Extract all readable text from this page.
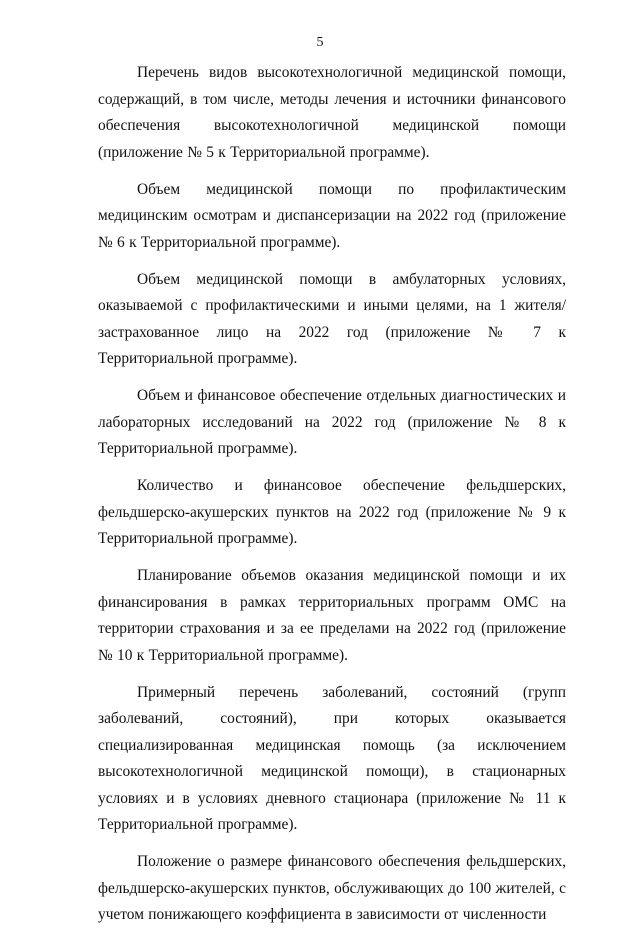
5

Перечень видов высокотехнологичной медицинской помощи, содержащий, в том числе, методы лечения и источники финансового обеспечения высокотехнологичной медицинской помощи (приложение № 5 к Территориальной программе).

Объем медицинской помощи по профилактическим медицинским осмотрам и диспансеризации на 2022 год (приложение № 6 к Территориальной программе).

Объем медицинской помощи в амбулаторных условиях, оказываемой с профилактическими и иными целями, на 1 жителя/застрахованное лицо на 2022 год (приложение № 7 к Территориальной программе).

Объем и финансовое обеспечение отдельных диагностических и лабораторных исследований на 2022 год (приложение № 8 к Территориальной программе).

Количество и финансовое обеспечение фельдшерских, фельдшерско-акушерских пунктов на 2022 год (приложение № 9 к Территориальной программе).

Планирование объемов оказания медицинской помощи и их финансирования в рамках территориальных программ ОМС на территории страхования и за ее пределами на 2022 год (приложение № 10 к Территориальной программе).

Примерный перечень заболеваний, состояний (групп заболеваний, состояний), при которых оказывается специализированная медицинская помощь (за исключением высокотехнологичной медицинской помощи), в стационарных условиях и в условиях дневного стационара (приложение № 11 к Территориальной программе).

Положение о размере финансового обеспечения фельдшерских, фельдшерско-акушерских пунктов, обслуживающих до 100 жителей, с учетом понижающего коэффициента в зависимости от численности
